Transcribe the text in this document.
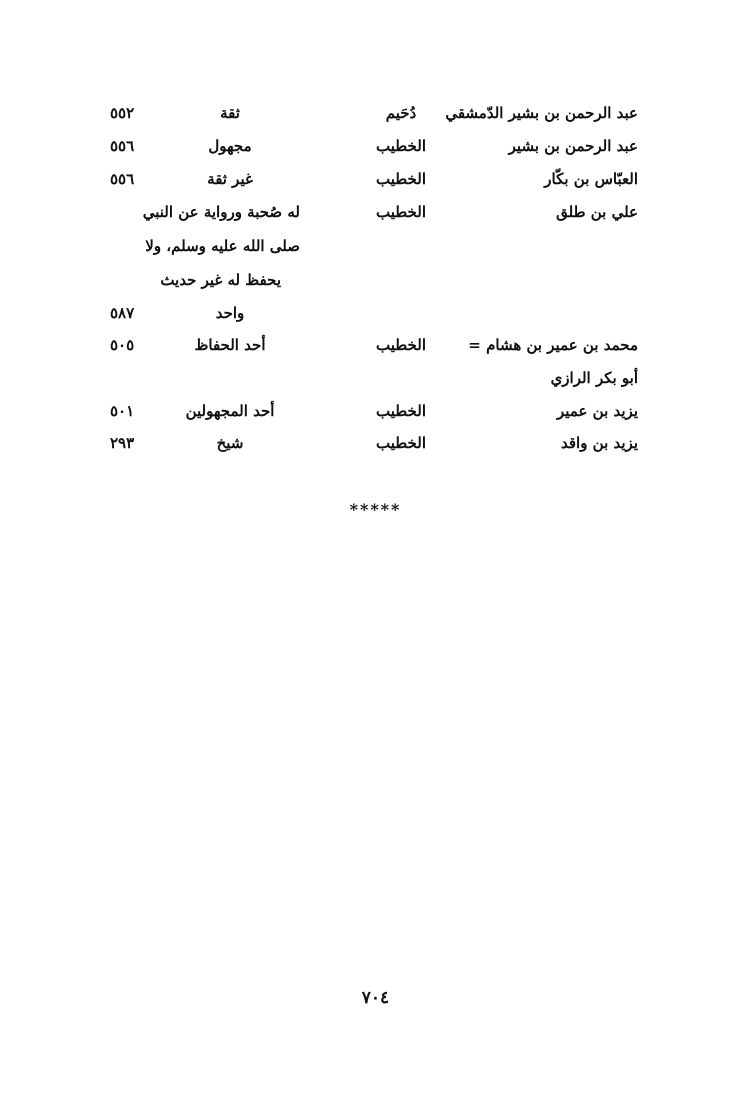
عبد الرحمن بن بشير الدّمشقي
دُحَيم
ثقة
٥٥٢
عبد الرحمن بن بشير
الخطيب
مجهول
٥٥٦
العبّاس بن بكّار
الخطيب
غير ثقة
٥٥٦
علي بن طلق
الخطيب
له صُحبة ورواية عن النبي
صلى الله عليه وسلم، ولا
يحفظ له غير حديث
واحد
٥٨٧
محمد بن عمير بن هشام =
الخطيب
أحد الحفاظ
٥٠٥
أبو بكر الرازي
يزيد بن عمير
الخطيب
أحد المجهولين
٥٠١
يزيد بن واقد
الخطيب
شيخ
٢٩٣
*****
٧٠٤
